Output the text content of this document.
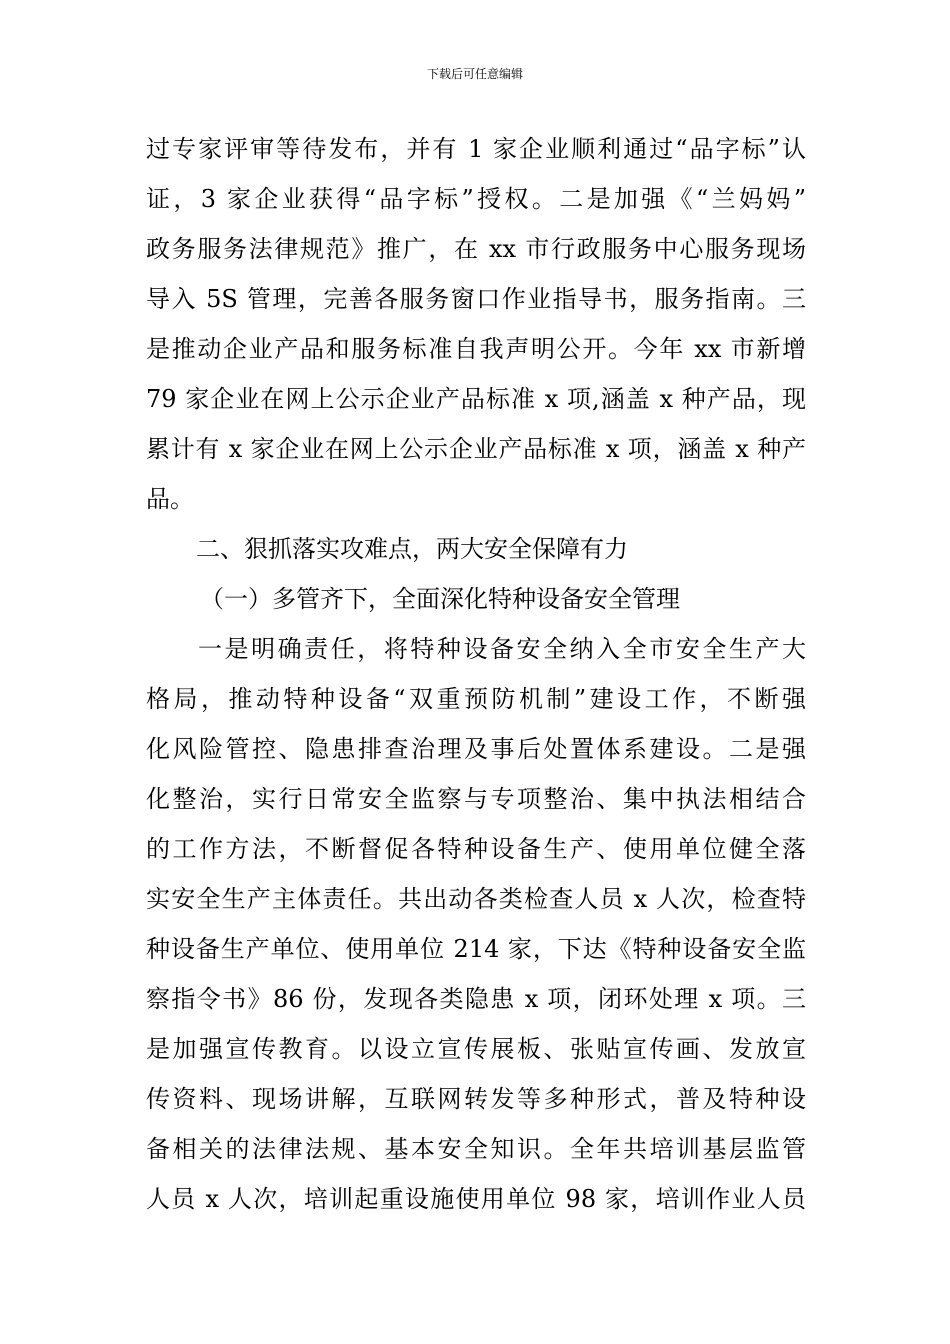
下载后可任意编辑
过专家评审等待发布，并有 1 家企业顺利通过“品字标”认
证，3 家企业获得“品字标”授权。二是加强《“兰妈妈”
政务服务法律规范》推广，在 xx 市行政服务中心服务现场
导入 5S 管理，完善各服务窗口作业指导书，服务指南。三
是推动企业产品和服务标准自我声明公开。今年 xx 市新增
79 家企业在网上公示企业产品标准 x 项,涵盖 x 种产品，现
累计有 x 家企业在网上公示企业产品标准 x 项，涵盖 x 种产
品。
二、狠抓落实攻难点，两大安全保障有力
（一）多管齐下，全面深化特种设备安全管理
一是明确责任，将特种设备安全纳入全市安全生产大
格局，推动特种设备“双重预防机制”建设工作，不断强
化风险管控、隐患排查治理及事后处置体系建设。二是强
化整治，实行日常安全监察与专项整治、集中执法相结合
的工作方法，不断督促各特种设备生产、使用单位健全落
实安全生产主体责任。共出动各类检查人员 x 人次，检查特
种设备生产单位、使用单位 214 家，下达《特种设备安全监
察指令书》86 份，发现各类隐患 x 项，闭环处理 x 项。三
是加强宣传教育。以设立宣传展板、张贴宣传画、发放宣
传资料、现场讲解，互联网转发等多种形式，普及特种设
备相关的法律法规、基本安全知识。全年共培训基层监管
人员 x 人次，培训起重设施使用单位 98 家，培训作业人员
